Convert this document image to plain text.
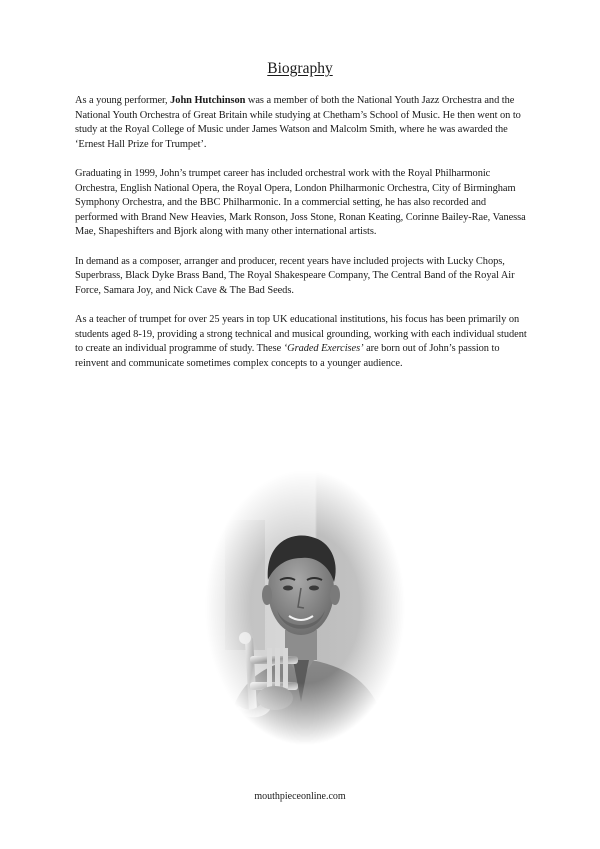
Biography

As a young performer, John Hutchinson was a member of both the National Youth Jazz Orchestra and the National Youth Orchestra of Great Britain while studying at Chetham’s School of Music. He then went on to study at the Royal College of Music under James Watson and Malcolm Smith, where he was awarded the ‘Ernest Hall Prize for Trumpet’.

Graduating in 1999, John’s trumpet career has included orchestral work with the Royal Philharmonic Orchestra, English National Opera, the Royal Opera, London Philharmonic Orchestra, City of Birmingham Symphony Orchestra, and the BBC Philharmonic. In a commercial setting, he has also recorded and performed with Brand New Heavies, Mark Ronson, Joss Stone, Ronan Keating, Corinne Bailey-Rae, Vanessa Mae, Shapeshifters and Bjork along with many other international artists.

In demand as a composer, arranger and producer, recent years have included projects with Lucky Chops, Superbrass, Black Dyke Brass Band, The Royal Shakespeare Company, The Central Band of the Royal Air Force, Samara Joy, and Nick Cave & The Bad Seeds.

As a teacher of trumpet for over 25 years in top UK educational institutions, his focus has been primarily on students aged 8-19, providing a strong technical and musical grounding, working with each individual student to create an individual programme of study. These ‘Graded Exercises’ are born out of John’s passion to reinvent and communicate sometimes complex concepts to a younger audience.

mouthpieceonline.com
